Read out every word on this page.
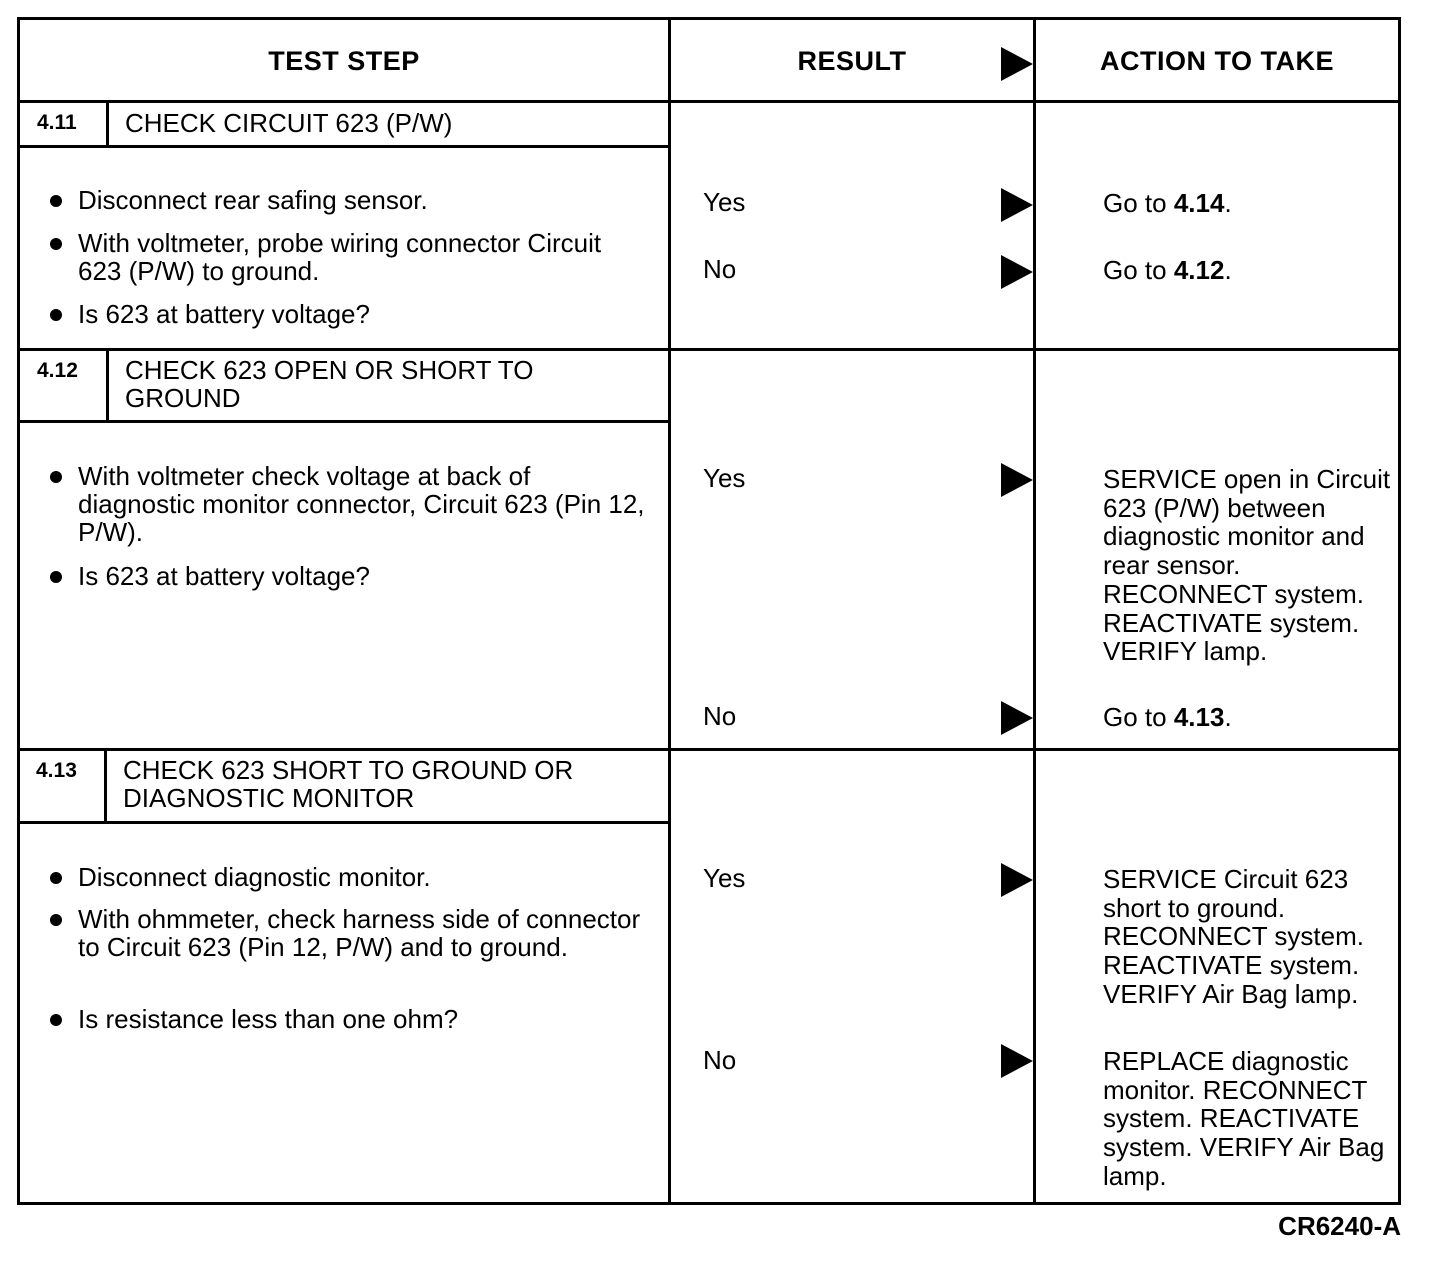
TEST STEP	RESULT	ACTION TO TAKE
4.11 CHECK CIRCUIT 623 (P/W)
Disconnect rear safing sensor.
With voltmeter, probe wiring connector Circuit 623 (P/W) to ground.
Is 623 at battery voltage?
Yes	Go to 4.14.
No	Go to 4.12.
4.12 CHECK 623 OPEN OR SHORT TO GROUND
With voltmeter check voltage at back of diagnostic monitor connector, Circuit 623 (Pin 12, P/W).
Is 623 at battery voltage?
Yes	SERVICE open in Circuit 623 (P/W) between diagnostic monitor and rear sensor. RECONNECT system. REACTIVATE system. VERIFY lamp.
No	Go to 4.13.
4.13 CHECK 623 SHORT TO GROUND OR DIAGNOSTIC MONITOR
Disconnect diagnostic monitor.
With ohmmeter, check harness side of connector to Circuit 623 (Pin 12, P/W) and to ground.
Is resistance less than one ohm?
Yes	SERVICE Circuit 623 short to ground. RECONNECT system. REACTIVATE system. VERIFY Air Bag lamp.
No	REPLACE diagnostic monitor. RECONNECT system. REACTIVATE system. VERIFY Air Bag lamp.
CR6240-A
